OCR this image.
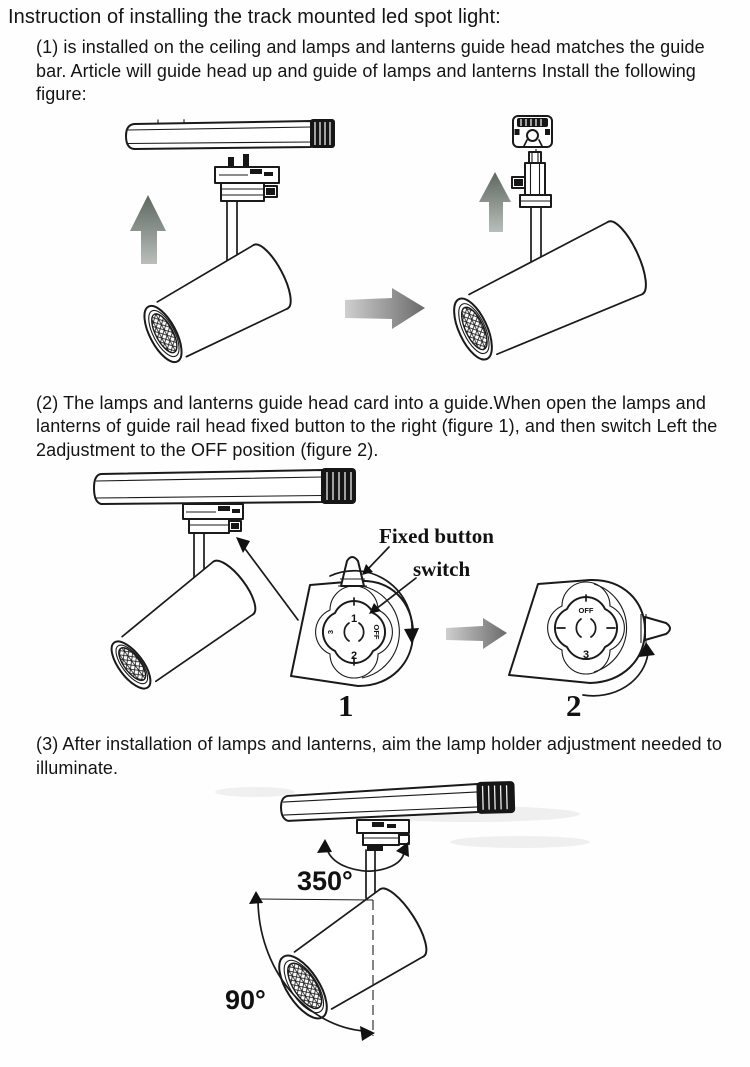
Instruction of installing the track mounted led spot light:

(1) is installed on the ceiling and lamps and lanterns guide head matches the guide bar. Article will guide head up and guide of lamps and lanterns Install the following figure:

(2) The lamps and lanterns guide head card into a guide.When open the lamps and lanterns of guide rail head fixed button to the right (figure 1), and then switch Left the 2adjustment to the OFF position (figure 2).

1
2
OFF
3
1
Fixed button
switch
OFF
3
2

(3) After installation of lamps and lanterns, aim the lamp holder adjustment needed to illuminate.

350°
90°
